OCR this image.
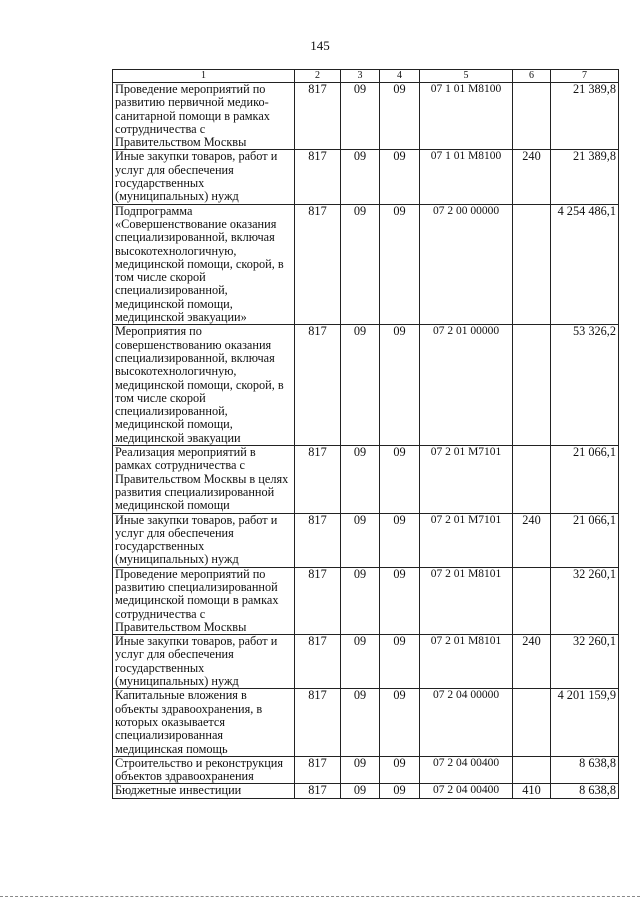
145
1	2	3	4	5	6	7
Проведение мероприятий по развитию первичной медико-санитарной помощи в рамках сотрудничества с Правительством Москвы	817	09	09	07 1 01 M8100		21 389,8
Иные закупки товаров, работ и услуг для обеспечения государственных (муниципальных) нужд	817	09	09	07 1 01 M8100	240	21 389,8
Подпрограмма «Совершенствование оказания специализированной, включая высокотехнологичную, медицинской помощи, скорой, в том числе скорой специализированной, медицинской помощи, медицинской эвакуации»	817	09	09	07 2 00 00000		4 254 486,1
Мероприятия по совершенствованию оказания специализированной, включая высокотехнологичную, медицинской помощи, скорой, в том числе скорой специализированной, медицинской помощи, медицинской эвакуации	817	09	09	07 2 01 00000		53 326,2
Реализация мероприятий в рамках сотрудничества с Правительством Москвы в целях развития специализированной медицинской помощи	817	09	09	07 2 01 M7101		21 066,1
Иные закупки товаров, работ и услуг для обеспечения государственных (муниципальных) нужд	817	09	09	07 2 01 M7101	240	21 066,1
Проведение мероприятий по развитию специализированной медицинской помощи в рамках сотрудничества с Правительством Москвы	817	09	09	07 2 01 M8101		32 260,1
Иные закупки товаров, работ и услуг для обеспечения государственных (муниципальных) нужд	817	09	09	07 2 01 M8101	240	32 260,1
Капитальные вложения в объекты здравоохранения, в которых оказывается специализированная медицинская помощь	817	09	09	07 2 04 00000		4 201 159,9
Строительство и реконструкция объектов здравоохранения	817	09	09	07 2 04 00400		8 638,8
Бюджетные инвестиции	817	09	09	07 2 04 00400	410	8 638,8
